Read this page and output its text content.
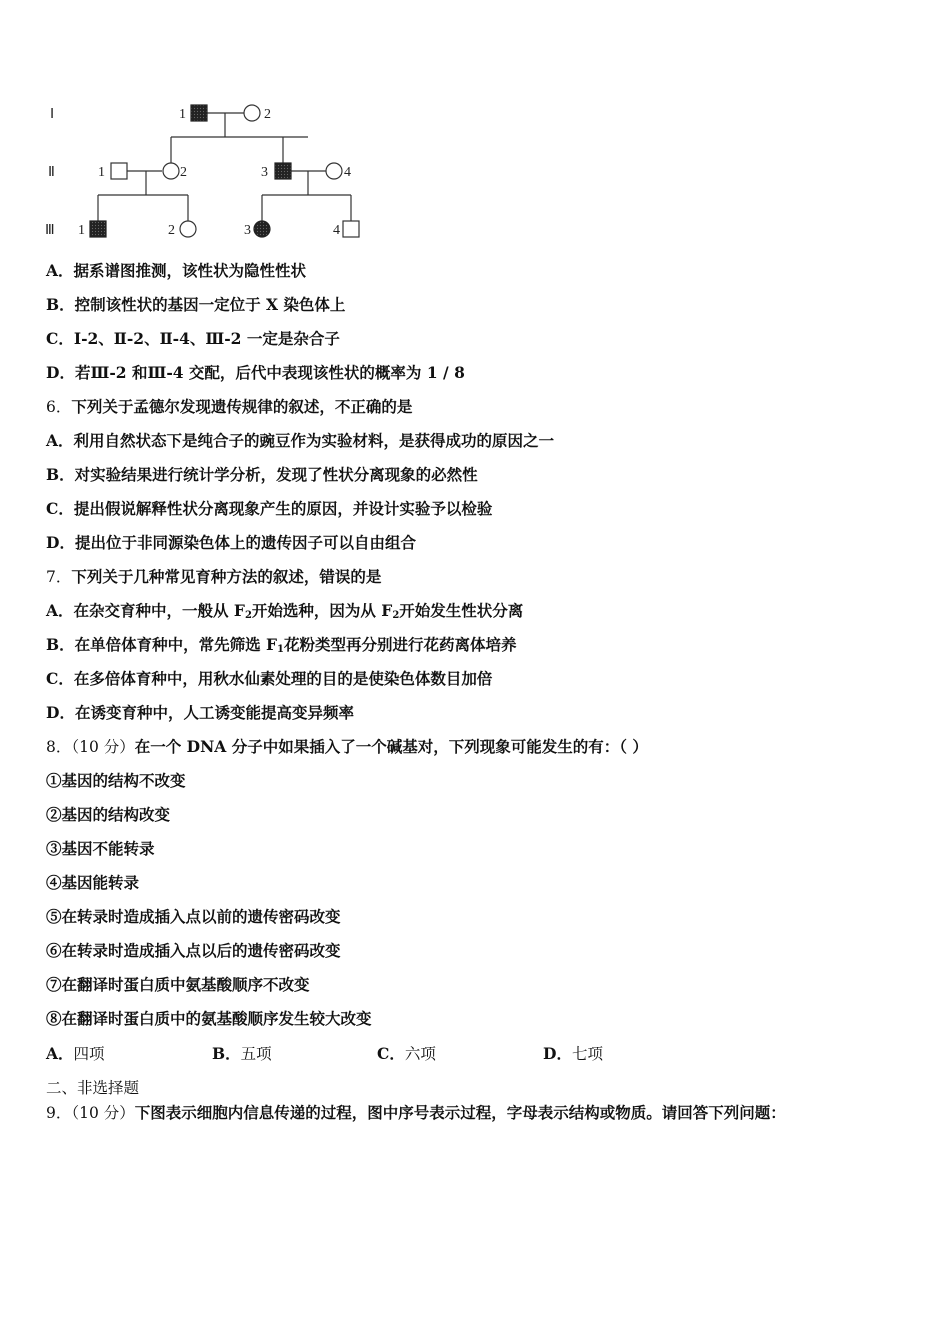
Ⅰ
Ⅱ
Ⅲ
1	2
1	2	3	4
1	2	3	4
A．据系谱图推测，该性状为隐性性状
B．控制该性状的基因一定位于 X 染色体上
C．Ⅰ-2、Ⅱ-2、Ⅱ-4、Ⅲ-2 一定是杂合子
D．若Ⅲ-2 和Ⅲ-4 交配，后代中表现该性状的概率为 1 / 8
6．下列关于孟德尔发现遗传规律的叙述，不正确的是
A．利用自然状态下是纯合子的豌豆作为实验材料，是获得成功的原因之一
B．对实验结果进行统计学分析，发现了性状分离现象的必然性
C．提出假说解释性状分离现象产生的原因，并设计实验予以检验
D．提出位于非同源染色体上的遗传因子可以自由组合
7．下列关于几种常见育种方法的叙述，错误的是
A．在杂交育种中，一般从 $F_2$开始选种，因为从 $F_2$开始发生性状分离
B．在单倍体育种中，常先筛选 $F_1$花粉类型再分别进行花药离体培养
C．在多倍体育种中，用秋水仙素处理的目的是使染色体数目加倍
D．在诱变育种中，人工诱变能提高变异频率
8．（10 分）在一个 DNA 分子中如果插入了一个碱基对，下列现象可能发生的有：（ ）
①基因的结构不改变
②基因的结构改变
③基因不能转录
④基因能转录
⑤在转录时造成插入点以前的遗传密码改变
⑥在转录时造成插入点以后的遗传密码改变
⑦在翻译时蛋白质中氨基酸顺序不改变
⑧在翻译时蛋白质中的氨基酸顺序发生较大改变
A．四项	B．五项	C．六项	D．七项
二、非选择题
9．（10 分）下图表示细胞内信息传递的过程，图中序号表示过程，字母表示结构或物质。请回答下列问题：
